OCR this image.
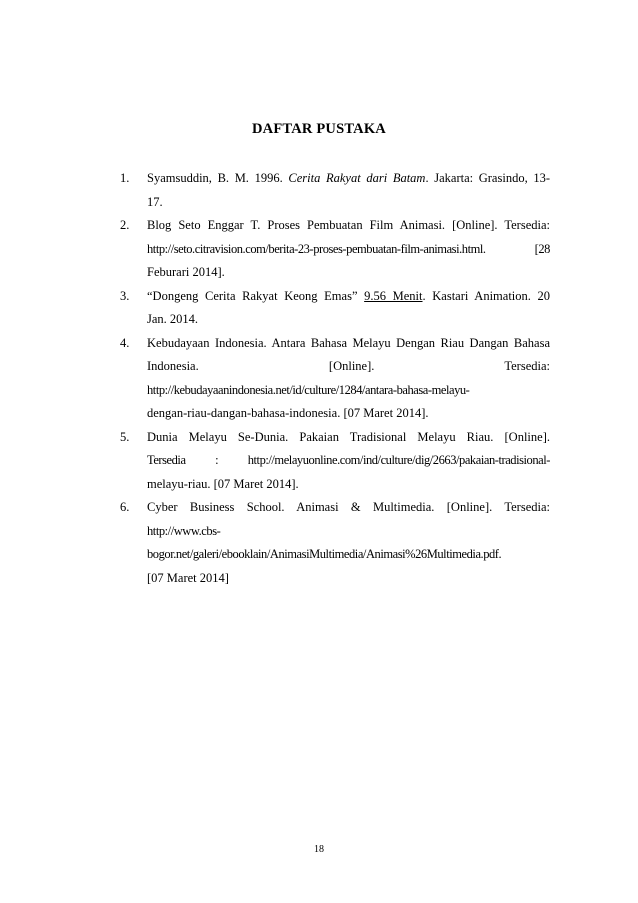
DAFTAR PUSTAKA
1. Syamsuddin, B. M. 1996. Cerita Rakyat dari Batam. Jakarta: Grasindo, 13-
17.
2. Blog Seto Enggar T. Proses Pembuatan Film Animasi. [Online]. Tersedia:
http://seto.citravision.com/berita-23-proses-pembuatan-film-animasi.html.	[28
Feburari 2014].
3. “Dongeng Cerita Rakyat Keong Emas” 9.56 Menit. Kastari Animation. 20
Jan. 2014.
4. Kebudayaan Indonesia. Antara Bahasa Melayu Dengan Riau Dangan Bahasa
Indonesia.	[Online].	Tersedia:
http://kebudayaanindonesia.net/id/culture/1284/antara-bahasa-melayu-
dengan-riau-dangan-bahasa-indonesia. [07 Maret 2014].
5. Dunia Melayu Se-Dunia. Pakaian Tradisional Melayu Riau. [Online].
Tersedia : http://melayuonline.com/ind/culture/dig/2663/pakaian-tradisional-
melayu-riau. [07 Maret 2014].
6. Cyber Business School. Animasi & Multimedia. [Online]. Tersedia:
http://www.cbs-
bogor.net/galeri/ebooklain/AnimasiMultimedia/Animasi%26Multimedia.pdf.
[07 Maret 2014]
18
